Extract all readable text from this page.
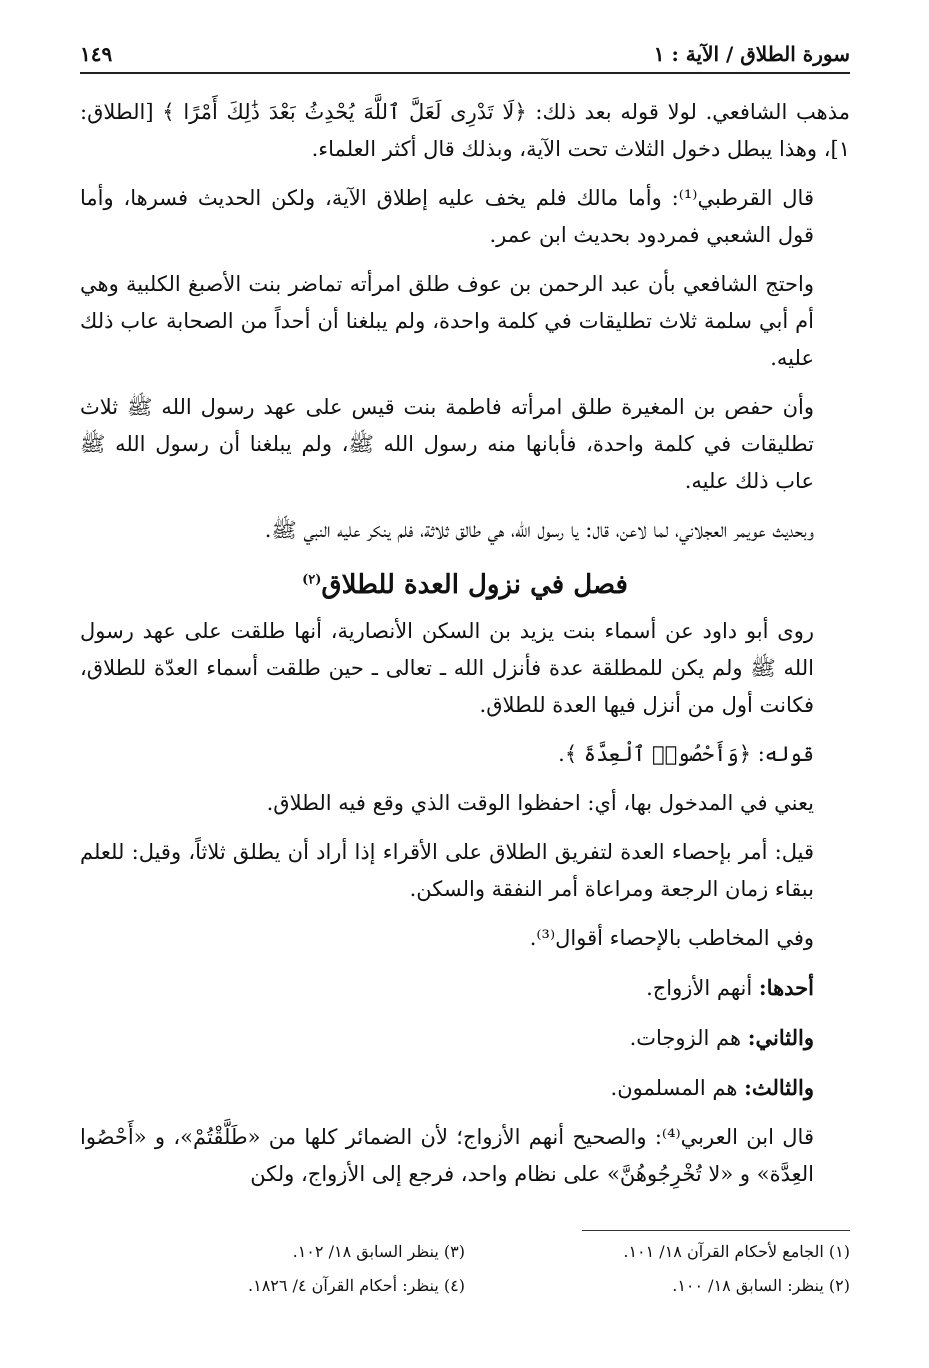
سورة الطلاق / الآية : ١
١٤٩

مذهب الشافعي. لولا قوله بعد ذلك: ﴿لَا تَدْرِى لَعَلَّ ٱللَّهَ يُحْدِثُ بَعْدَ ذَٰلِكَ أَمْرًا ﴾ [الطلاق: ١]، وهذا يبطل دخول الثلاث تحت الآية، وبذلك قال أكثر العلماء.

قال القرطبي⁽¹⁾: وأما مالك فلم يخف عليه إطلاق الآية، ولكن الحديث فسرها، وأما قول الشعبي فمردود بحديث ابن عمر.

واحتج الشافعي بأن عبد الرحمن بن عوف طلق امرأته تماضر بنت الأصبغ الكلبية وهي أم أبي سلمة ثلاث تطليقات في كلمة واحدة، ولم يبلغنا أن أحداً من الصحابة عاب ذلك عليه.

وأن حفص بن المغيرة طلق امرأته فاطمة بنت قيس على عهد رسول الله ﷺ ثلاث تطليقات في كلمة واحدة، فأبانها منه رسول الله ﷺ، ولم يبلغنا أن رسول الله ﷺ عاب ذلك عليه.

وبحديث عويمر العجلاني، لما لاعن، قال: يا رسول الله، هي طالق ثلاثة، فلم ينكر عليه النبي ﷺ.

فصل في نزول العدة للطلاق$^{(٢)}$

روى أبو داود عن أسماء بنت يزيد بن السكن الأنصارية، أنها طلقت على عهد رسول الله ﷺ ولم يكن للمطلقة عدة فأنزل الله ـ تعالى ـ حين طلقت أسماء العدّة للطلاق، فكانت أول من أنزل فيها العدة للطلاق.

قوله: ﴿وَأَحْصُوا۟ ٱلْعِدَّةَ ﴾.

يعني في المدخول بها، أي: احفظوا الوقت الذي وقع فيه الطلاق.

قيل: أمر بإحصاء العدة لتفريق الطلاق على الأقراء إذا أراد أن يطلق ثلاثاً، وقيل: للعلم ببقاء زمان الرجعة ومراعاة أمر النفقة والسكن.

وفي المخاطب بالإحصاء أقوال⁽³⁾.

أحدها: أنهم الأزواج.

والثاني: هم الزوجات.

والثالث: هم المسلمون.

قال ابن العربي⁽⁴⁾: والصحيح أنهم الأزواج؛ لأن الضمائر كلها من «طَلَّقْتُمْ»، و «أَحْصُوا العِدَّة» و «لا تُخْرِجُوهُنَّ» على نظام واحد، فرجع إلى الأزواج، ولكن

(١) الجامع لأحكام القرآن ١٨/ ١٠١.
(٣) ينظر السابق ١٨/ ١٠٢.
(٢) ينظر: السابق ١٨/ ١٠٠.
(٤) ينظر: أحكام القرآن ٤/ ١٨٢٦.
